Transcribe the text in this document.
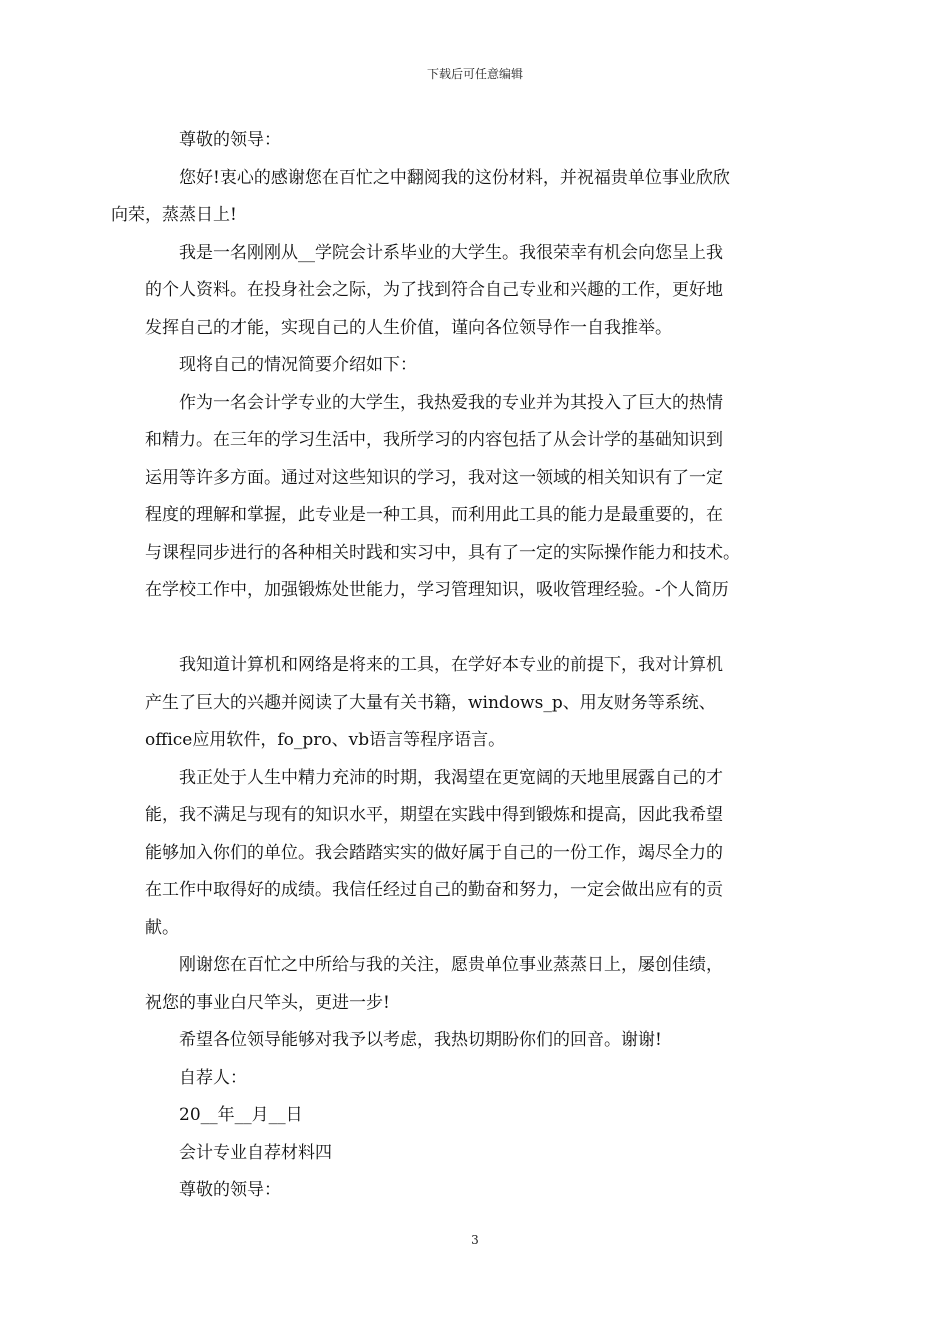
下载后可任意编辑

尊敬的领导：

您好!衷心的感谢您在百忙之中翻阅我的这份材料，并祝福贵单位事业欣欣
向荣，蒸蒸日上!

我是一名刚刚从__学院会计系毕业的大学生。我很荣幸有机会向您呈上我
的个人资料。在投身社会之际，为了找到符合自己专业和兴趣的工作，更好地
发挥自己的才能，实现自己的人生价值，谨向各位领导作一自我推举。

现将自己的情况简要介绍如下：

作为一名会计学专业的大学生，我热爱我的专业并为其投入了巨大的热情
和精力。在三年的学习生活中，我所学习的内容包括了从会计学的基础知识到
运用等许多方面。通过对这些知识的学习，我对这一领域的相关知识有了一定
程度的理解和掌握，此专业是一种工具，而利用此工具的能力是最重要的，在
与课程同步进行的各种相关时践和实习中，具有了一定的实际操作能力和技术。
在学校工作中，加强锻炼处世能力，学习管理知识，吸收管理经验。-个人简历

我知道计算机和网络是将来的工具，在学好本专业的前提下，我对计算机
产生了巨大的兴趣并阅读了大量有关书籍，windows_p、用友财务等系统、
office应用软件，fo_pro、vb语言等程序语言。

我正处于人生中精力充沛的时期，我渴望在更宽阔的天地里展露自己的才
能，我不满足与现有的知识水平，期望在实践中得到锻炼和提高，因此我希望
能够加入你们的单位。我会踏踏实实的做好属于自己的一份工作，竭尽全力的
在工作中取得好的成绩。我信任经过自己的勤奋和努力，一定会做出应有的贡
献。

刚谢您在百忙之中所给与我的关注，愿贵单位事业蒸蒸日上，屡创佳绩，
祝您的事业白尺竿头，更进一步!

希望各位领导能够对我予以考虑，我热切期盼你们的回音。谢谢!

自荐人：

20__年__月__日

会计专业自荐材料四

尊敬的领导：

3
